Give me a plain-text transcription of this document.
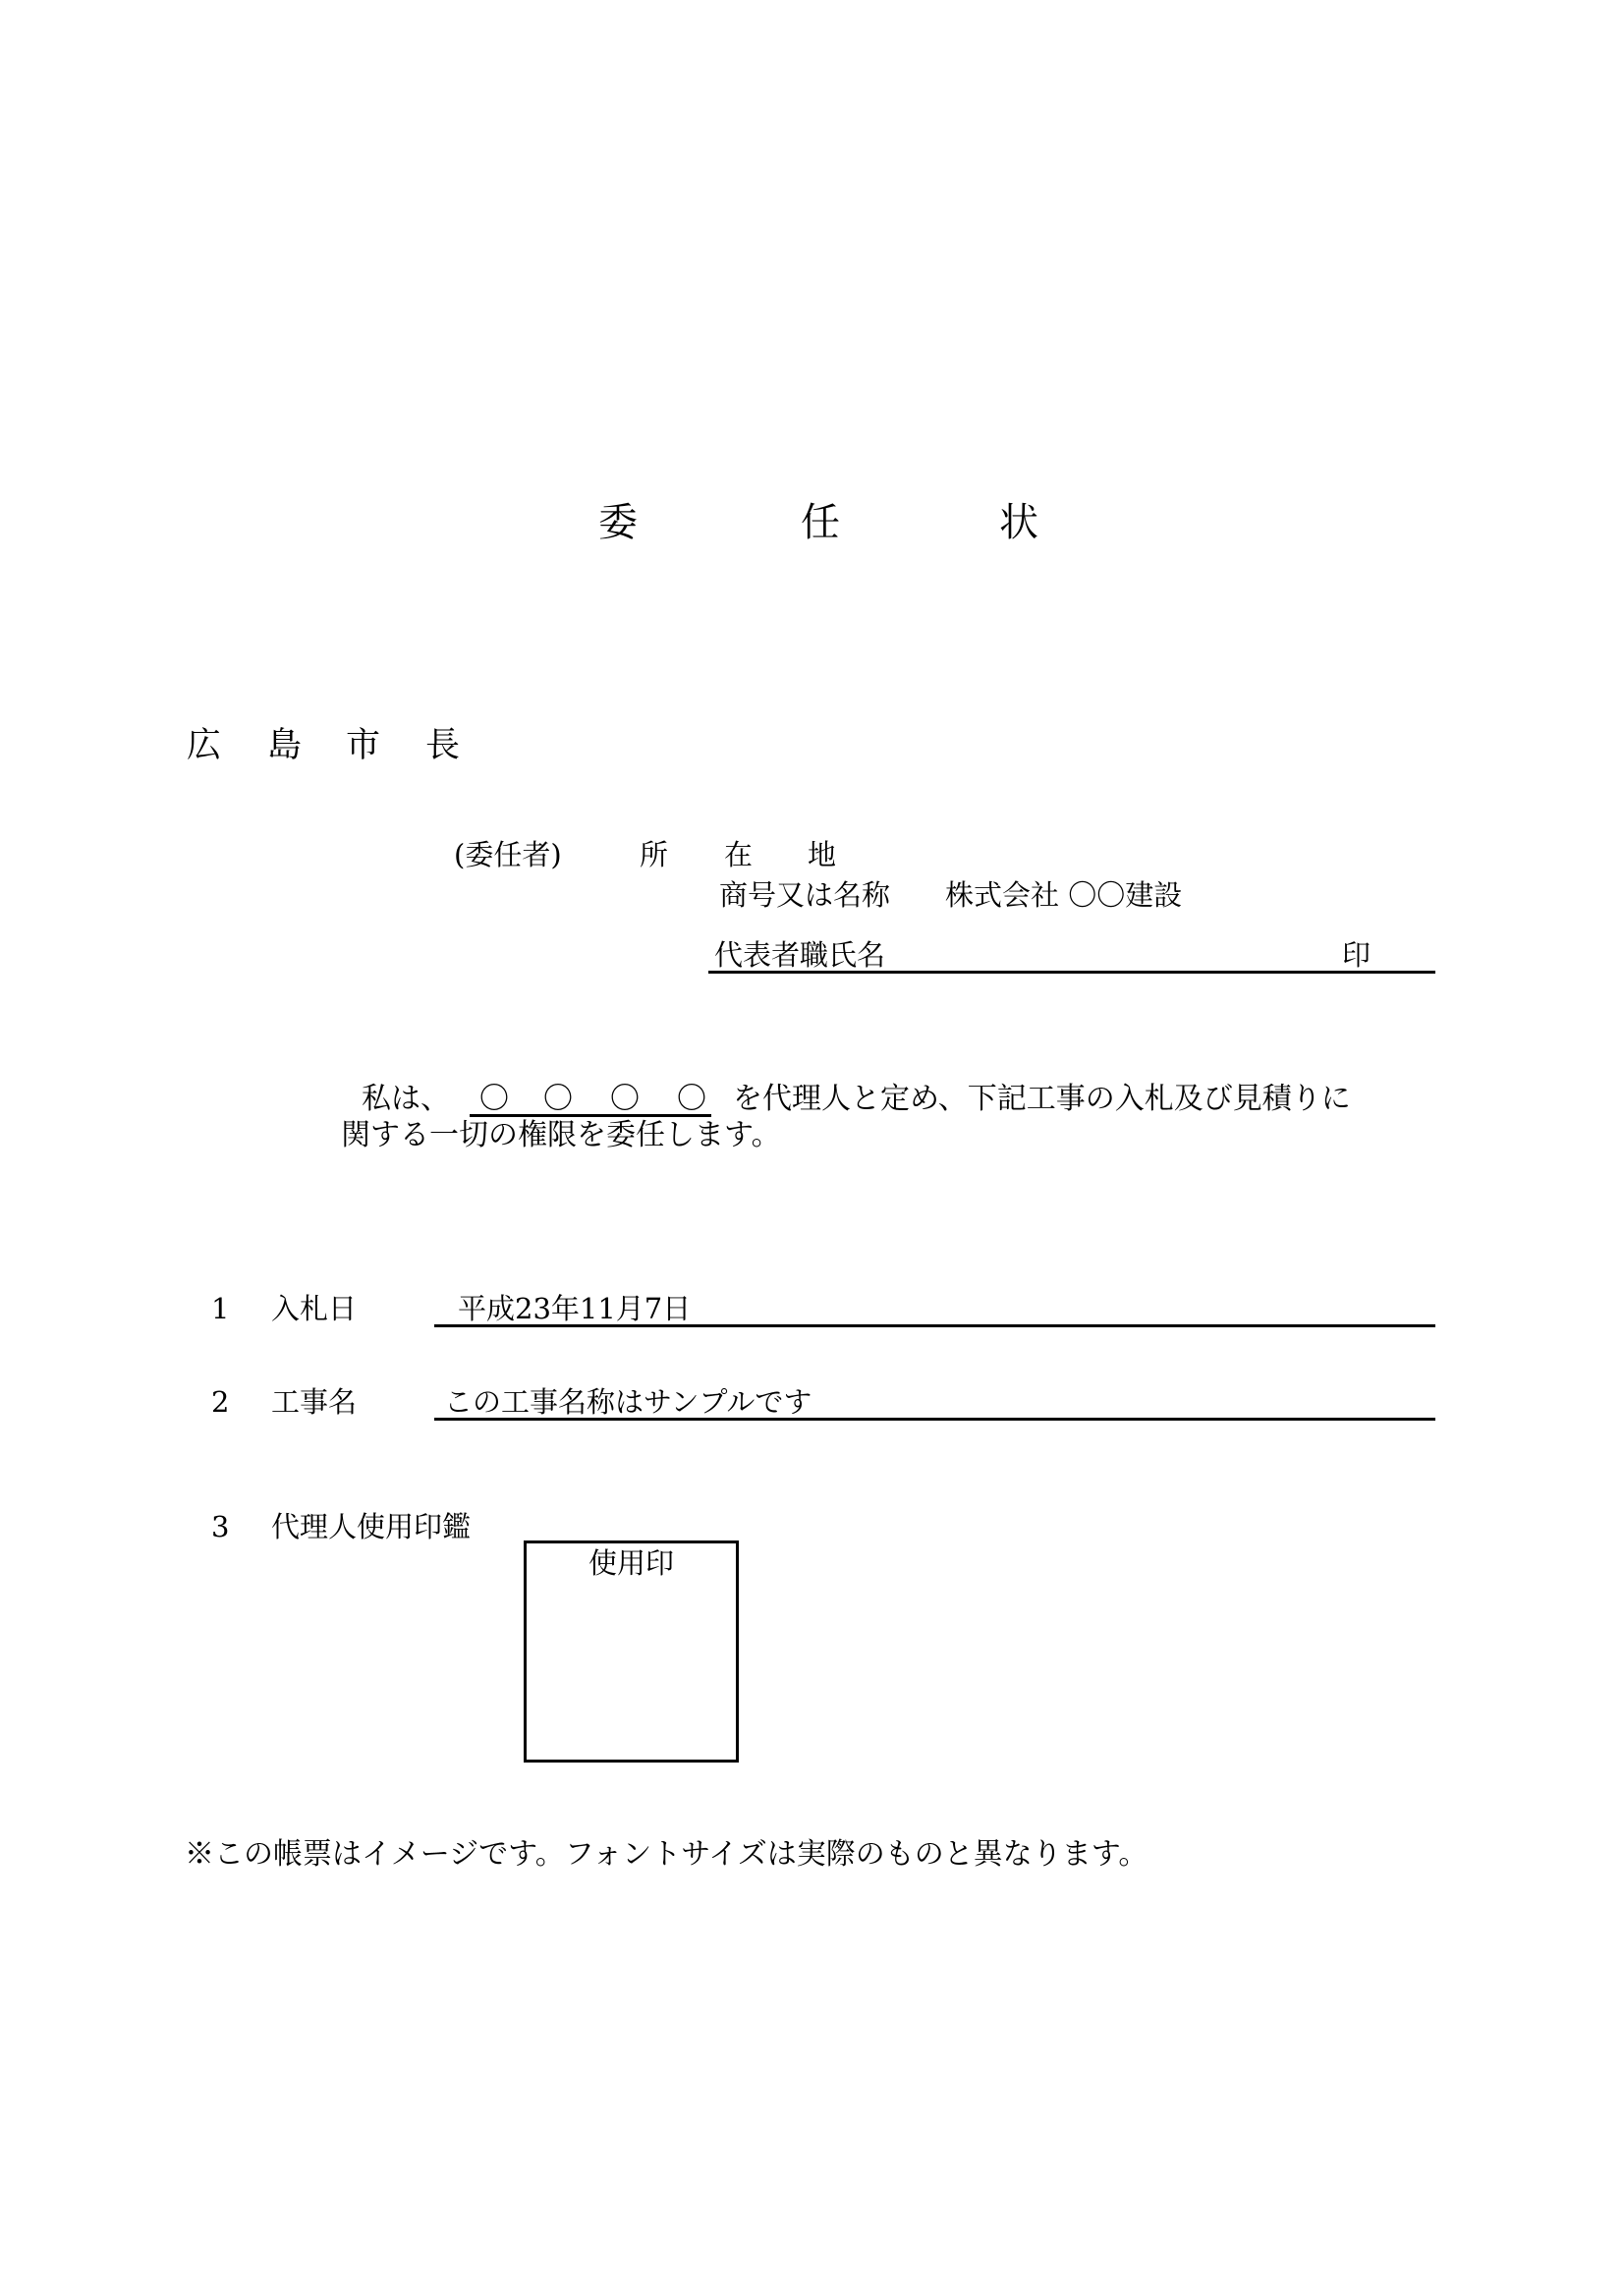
委	任	状
広 島 市 長
(委任者)	所 在 地
商号又は名称 株式会社 〇〇建設
代表者職氏名	印
私は、 〇 〇 〇 〇 を代理人と定め、下記工事の入札及び見積りに
関する一切の権限を委任します。
1 入札日	平成23年11月7日
2 工事名	この工事名称はサンプルです
3 代理人使用印鑑
使用印
※この帳票はイメージです。フォントサイズは実際のものと異なります。
